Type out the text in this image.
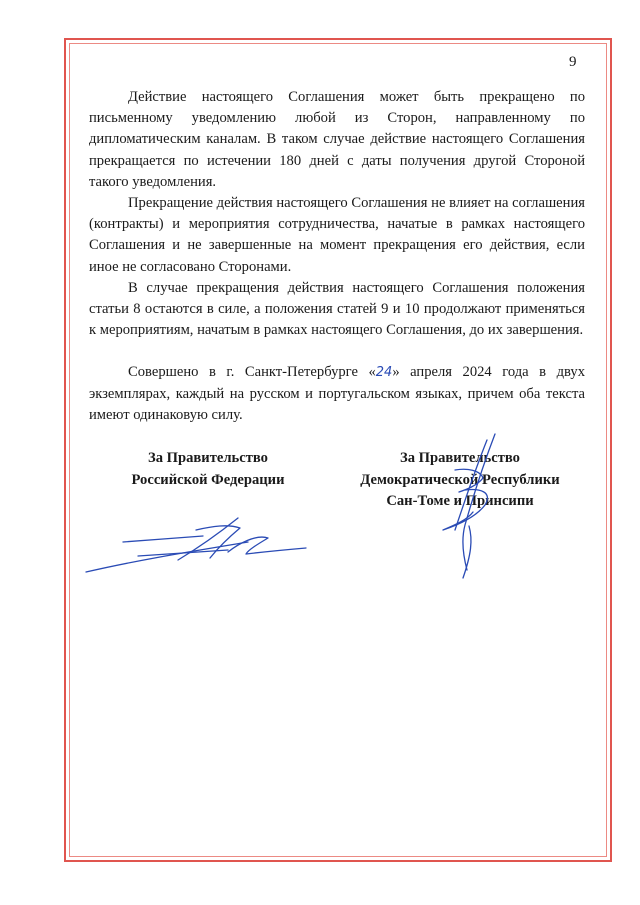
9

Действие настоящего Соглашения может быть прекращено по письменному уведомлению любой из Сторон, направленному по дипломатическим каналам. В таком случае действие настоящего Соглашения прекращается по истечении 180 дней с даты получения другой Стороной такого уведомления.

Прекращение действия настоящего Соглашения не влияет на соглашения (контракты) и мероприятия сотрудничества, начатые в рамках настоящего Соглашения и не завершенные на момент прекращения его действия, если иное не согласовано Сторонами.

В случае прекращения действия настоящего Соглашения положения статьи 8 остаются в силе, а положения статей 9 и 10 продолжают применяться к мероприятиям, начатым в рамках настоящего Соглашения, до их завершения.

Совершено в г. Санкт-Петербурге «24» апреля 2024 года в двух экземплярах, каждый на русском и португальском языках, причем оба текста имеют одинаковую силу.

За Правительство
Российской Федерации
За Правительство
Демократической Республики
Сан-Томе и Принсипи
